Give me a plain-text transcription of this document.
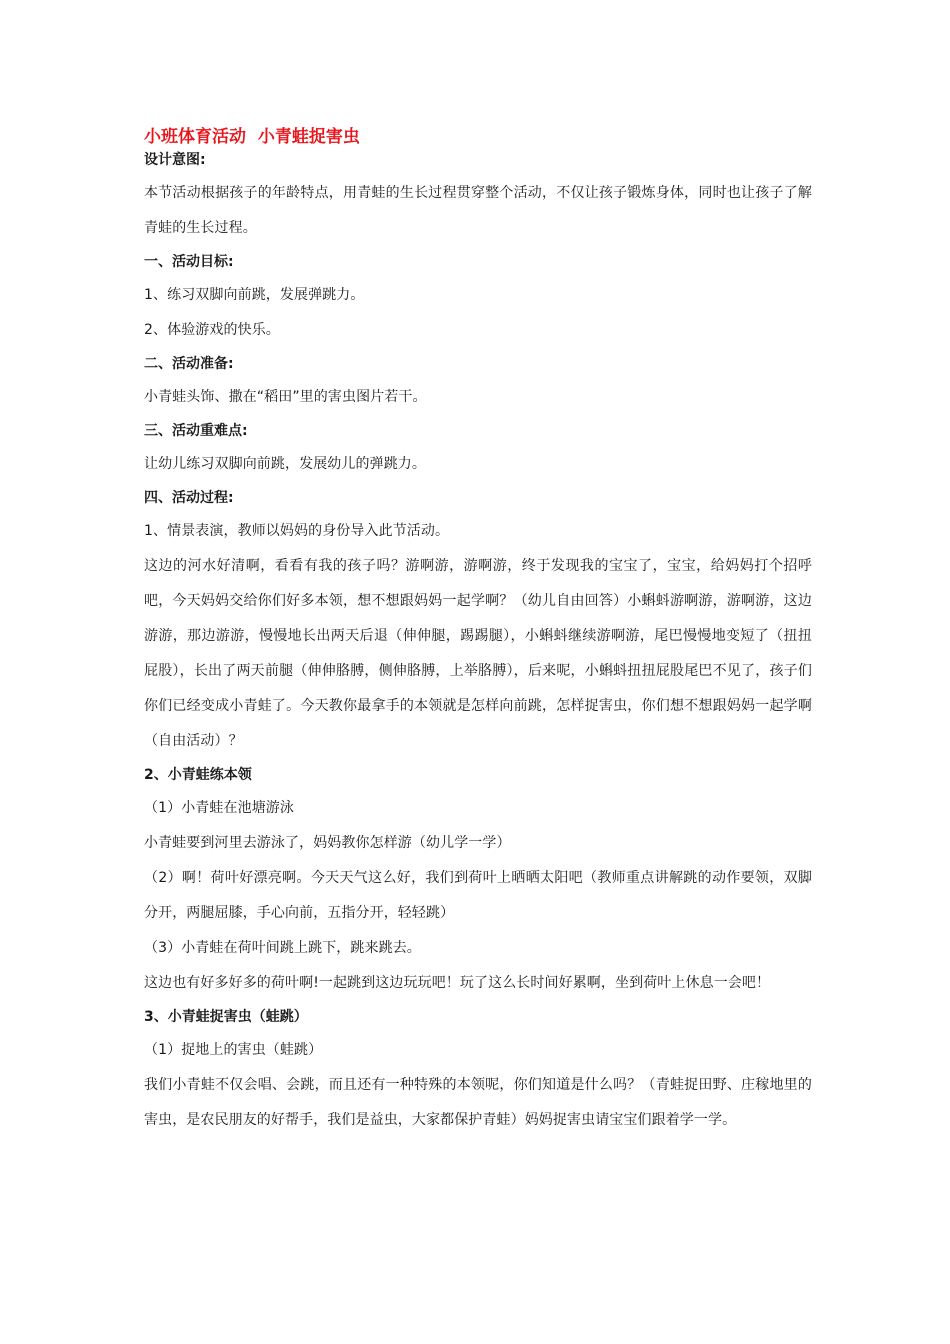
小班体育活动  小青蛙捉害虫
设计意图:
本节活动根据孩子的年龄特点，用青蛙的生长过程贯穿整个活动，不仅让孩子锻炼身体，同时也让孩子了解青蛙的生长过程。
一、活动目标:
1、练习双脚向前跳，发展弹跳力。
2、体验游戏的快乐。
二、活动准备:
小青蛙头饰、撒在“稻田”里的害虫图片若干。
三、活动重难点:
让幼儿练习双脚向前跳，发展幼儿的弹跳力。
四、活动过程:
1、情景表演，教师以妈妈的身份导入此节活动。
这边的河水好清啊，看看有我的孩子吗？游啊游，游啊游，终于发现我的宝宝了，宝宝，给妈妈打个招呼吧，今天妈妈交给你们好多本领，想不想跟妈妈一起学啊？（幼儿自由回答）小蝌蚪游啊游，游啊游，这边游游，那边游游，慢慢地长出两天后退（伸伸腿，踢踢腿），小蝌蚪继续游啊游，尾巴慢慢地变短了（扭扭屁股），长出了两天前腿（伸伸胳膊，侧伸胳膊，上举胳膊），后来呢，小蝌蚪扭扭屁股尾巴不见了，孩子们你们已经变成小青蛙了。今天教你最拿手的本领就是怎样向前跳，怎样捉害虫，你们想不想跟妈妈一起学啊（自由活动）？
2、小青蛙练本领
（1）小青蛙在池塘游泳
小青蛙要到河里去游泳了，妈妈教你怎样游（幼儿学一学）
（2）啊！荷叶好漂亮啊。今天天气这么好，我们到荷叶上晒晒太阳吧（教师重点讲解跳的动作要领，双脚分开，两腿屈膝，手心向前，五指分开，轻轻跳）
（3）小青蛙在荷叶间跳上跳下，跳来跳去。
这边也有好多好多的荷叶啊!一起跳到这边玩玩吧！玩了这么长时间好累啊，坐到荷叶上休息一会吧！
3、小青蛙捉害虫（蛙跳）
（1）捉地上的害虫（蛙跳）
我们小青蛙不仅会唱、会跳，而且还有一种特殊的本领呢，你们知道是什么吗？（青蛙捉田野、庄稼地里的害虫，是农民朋友的好帮手，我们是益虫，大家都保护青蛙）妈妈捉害虫请宝宝们跟着学一学。
